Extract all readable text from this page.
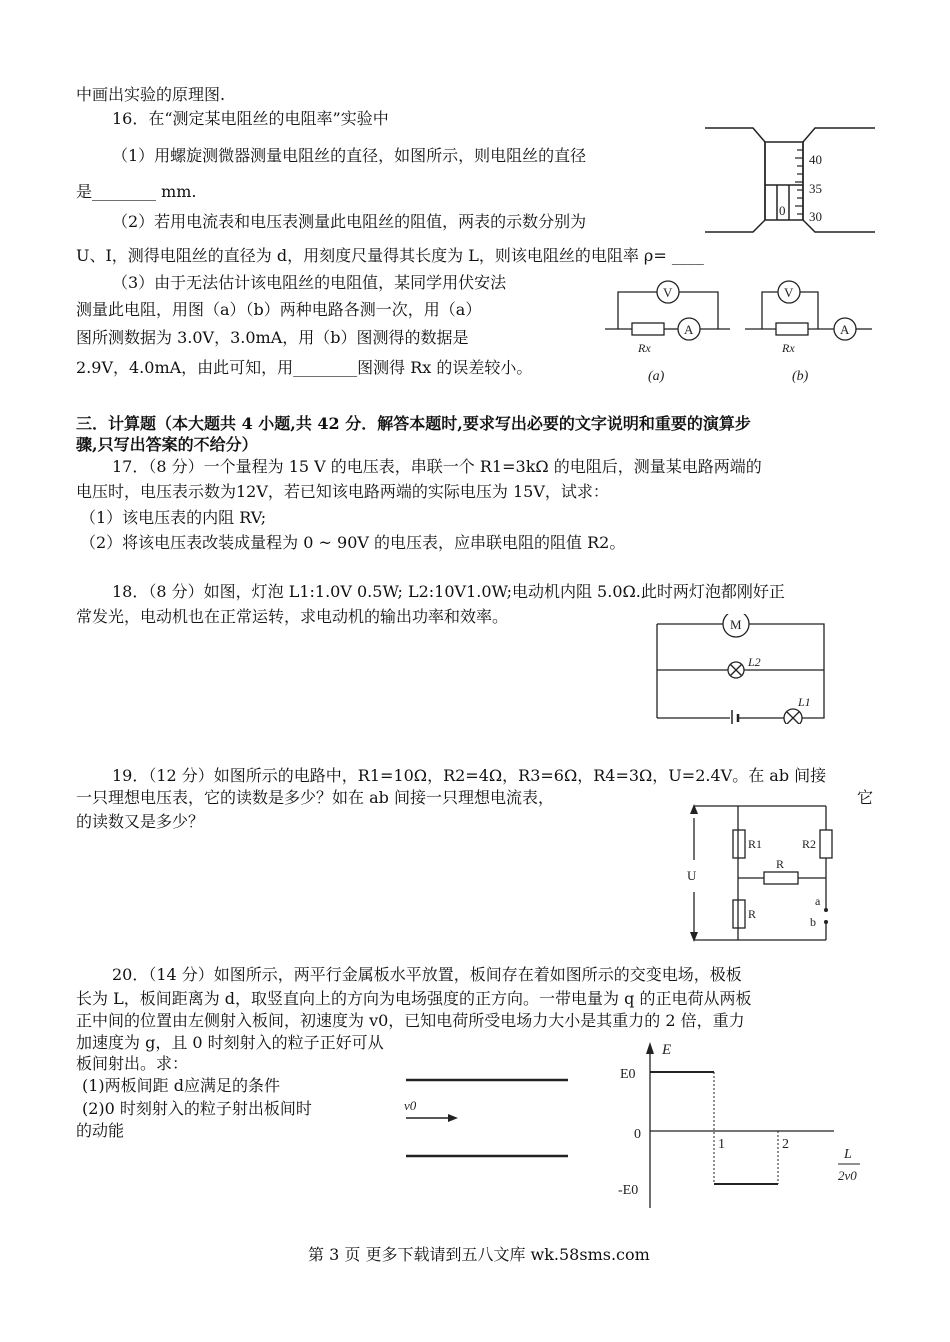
中画出实验的原理图.
16．在“测定某电阻丝的电阻率”实验中
（1）用螺旋测微器测量电阻丝的直径，如图所示，则电阻丝的直径
是________ mm.
（2）若用电流表和电压表测量此电阻丝的阻值，两表的示数分别为
U、I，测得电阻丝的直径为 d，用刻度尺量得其长度为 L，则该电阻丝的电阻率 ρ= ____
（3）由于无法估计该电阻丝的电阻值，某同学用伏安法
测量此电阻，用图（a）（b）两种电路各测一次，用（a）
图所测数据为 3.0V，3.0mA，用（b）图测得的数据是
2.9V，4.0mA，由此可知，用________图测得 Rx 的误差较小。
三．计算题（本大题共 4 小题,共 42 分．解答本题时,要求写出必要的文字说明和重要的演算步
骤,只写出答案的不给分）
17．（8 分）一个量程为 15 V 的电压表，串联一个 R1=3kΩ 的电阻后，测量某电路两端的
电压时，电压表示数为12V，若已知该电路两端的实际电压为 15V，试求：
（1）该电压表的内阻 RV;
（2）将该电压表改装成量程为 0 ~ 90V 的电压表，应串联电阻的阻值 R2。
18．（8 分）如图，灯泡 L1:1.0V 0.5W; L2:10V1.0W;电动机内阻 5.0Ω.此时两灯泡都刚好正
常发光，电动机也在正常运转，求电动机的输出功率和效率。
19．（12 分）如图所示的电路中，R1=10Ω，R2=4Ω，R3=6Ω，R4=3Ω，U=2.4V。在 ab 间接
一只理想电压表，它的读数是多少？如在 ab 间接一只理想电流表，	它
的读数又是多少？
20．（14 分）如图所示，两平行金属板水平放置，板间存在着如图所示的交变电场，极板
长为 L，板间距离为 d，取竖直向上的方向为电场强度的正方向。一带电量为 q 的正电荷从两板
正中间的位置由左侧射入板间，初速度为 v0，已知电荷所受电场力大小是其重力的 2 倍，重力
加速度为 g，且 0 时刻射入的粒子正好可从
板间射出。求：
(1)两板间距 d应满足的条件
(2)0 时刻射入的粒子射出板间时
的动能
第 3 页 更多下载请到五八文库 wk.58sms.com
40
35
30
0
V
A
Rx
V
A
Rx
(a)	(b)
M
L2
L1
U
R1	R2
R
R
a
b
v0
E
E0
0
-E0
1	2
L
2v0
